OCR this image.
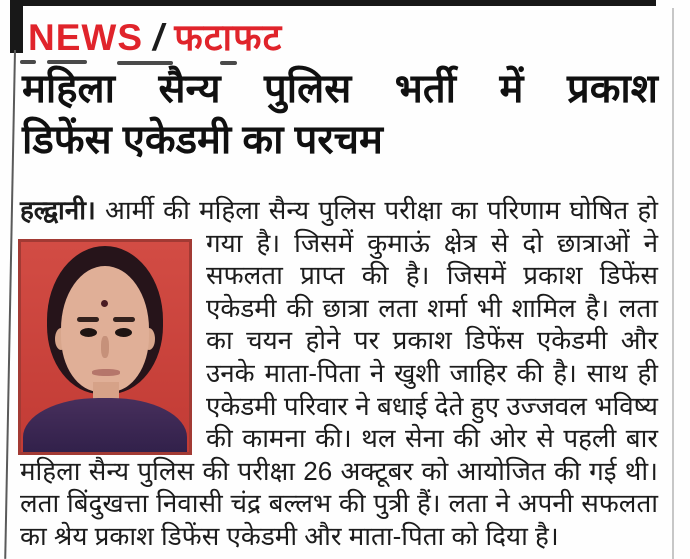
NEWS / फटाफट
महिला सैन्य पुलिस भर्ती में प्रकाश
डिफेंस एकेडमी का परचम
हल्द्वानी। आर्मी की महिला सैन्य पुलिस परीक्षा का परिणाम घोषित हो
गया है। जिसमें कुमाऊं क्षेत्र से दो छात्राओं ने
सफलता प्राप्त की है। जिसमें प्रकाश डिफेंस
एकेडमी की छात्रा लता शर्मा भी शामिल है। लता
का चयन होने पर प्रकाश डिफेंस एकेडमी और
उनके माता-पिता ने खुशी जाहिर की है। साथ ही
एकेडमी परिवार ने बधाई देते हुए उज्जवल भविष्य
की कामना की। थल सेना की ओर से पहली बार
महिला सैन्य पुलिस की परीक्षा 26 अक्टूबर को आयोजित की गई थी।
लता बिंदुखत्ता निवासी चंद्र बल्लभ की पुत्री हैं। लता ने अपनी सफलता
का श्रेय प्रकाश डिफेंस एकेडमी और माता-पिता को दिया है।
